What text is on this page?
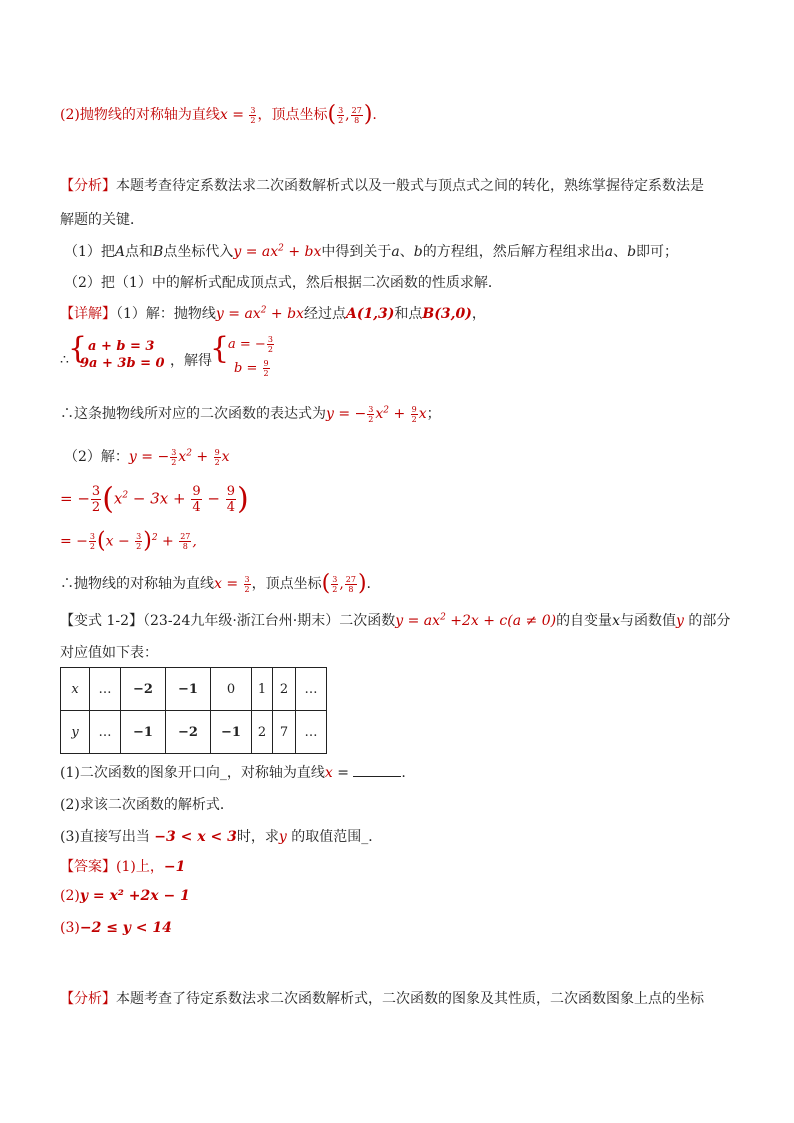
(2)抛物线的对称轴为直线$x = \frac{3}{2}$ ，顶点坐标( $\frac{3}{2}$ , $\frac{27}{8}$ ).
【分析】本题考查待定系数法求二次函数解析式以及一般式与顶点式之间的转化，熟练掌握待定系数法是
解题的关键．
（1）把A点和B点坐标代入$y = ax^2$ + bx中得到关于a、b的方程组，然后解方程组求出a、b即可；
（2）把（1）中的解析式配成顶点式，然后根据二次函数的性质求解．
【详解】（1）解：抛物线$y = ax^2$ + bx经过点A(1,3)和点B(3,0)，
∴ { a + b = 3
9a + 3b = 0 ，解得
{
a = − $\frac{3}{2}$
$b = \frac{9}{2}$
∴这条抛物线所对应的二次函数的表达式为y = − $\frac{3}{2} x^2 + \frac{9}{2}$ x；
（2）解：y = − $\frac{3}{2} x^2 + \frac{9}{2}$ x
= − $\frac{3}{2} (x^2 - 3x + \frac{9}{4} - \frac{9}{4}$ )
= − $\frac{3}{2} (x - \frac{3}{2} )^2 + \frac{27}{8}$ ,
∴抛物线的对称轴为直线$x = \frac{3}{2}$ ，顶点坐标( $\frac{3}{2}$ , $\frac{27}{8}$ ).
【变式 1-2】（23-24九年级·浙江台州·期末）二次函数$y = ax^2 +2x + c(a \ne 0)$的自变量x与函数值y 的部分
对应值如下表：
x	…	−2	−1	0	1	2	…
y	…	−1	−2	−1	2	7	…
(1)二次函数的图象开口向_，对称轴为直线x =	.
(2)求该二次函数的解析式．
(3)直接写出当 −3 < x < 3时，求y 的取值范围_．
【答案】(1)上，−1
(2)y = x² +2x − 1
(3)−2 ≤ y < 14
【分析】本题考查了待定系数法求二次函数解析式，二次函数的图象及其性质，二次函数图象上点的坐标
